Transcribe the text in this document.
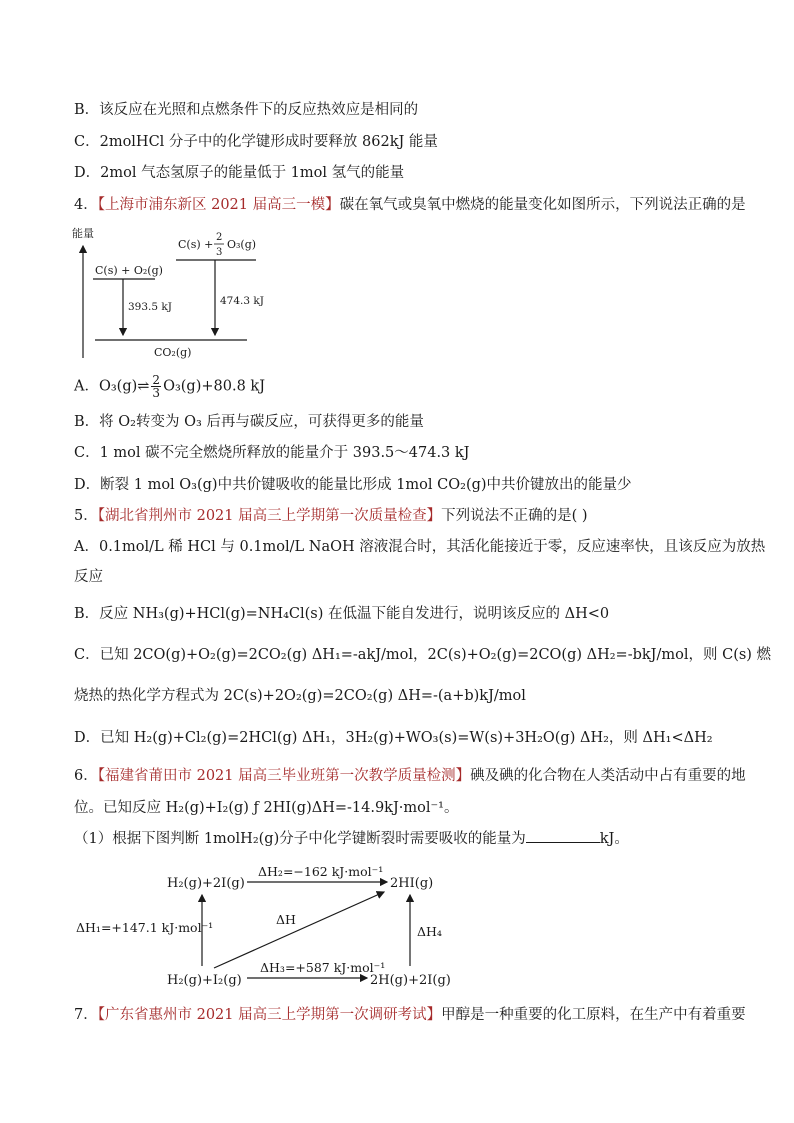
B．该反应在光照和点燃条件下的反应热效应是相同的
C．2molHCl 分子中的化学键形成时要释放 862kJ 能量
D．2mol 气态氢原子的能量低于 1mol 氢气的能量
4．【上海市浦东新区 2021 届高三一模】碳在氧气或臭氧中燃烧的能量变化如图所示，下列说法正确的是
能量
C(s) + O₂(g)
C(s) +
2
3
O₃(g)
393.5 kJ	474.3 kJ
CO₂(g)
A．O₃(g)⇌ $\frac{2}{3} O_3(g)+80.8$ kJ
B．将 O₂转变为 O₃ 后再与碳反应，可获得更多的能量
C．1 mol 碳不完全燃烧所释放的能量介于 393.5～474.3 kJ
D．断裂 1 mol O₃(g)中共价键吸收的能量比形成 1mol CO₂(g)中共价键放出的能量少
5．【湖北省荆州市 2021 届高三上学期第一次质量检查】下列说法不正确的是( )
A．0.1mol/L 稀 HCl 与 0.1mol/L NaOH 溶液混合时，其活化能接近于零，反应速率快，且该反应为放热
反应
B．反应 NH₃(g)+HCl(g)=NH₄Cl(s) 在低温下能自发进行，说明该反应的 ΔH<0
C．已知 2CO(g)+O₂(g)=2CO₂(g) ΔH₁=-akJ/mol，2C(s)+O₂(g)=2CO(g) ΔH₂=-bkJ/mol，则 C(s) 燃
烧热的热化学方程式为 2C(s)+2O₂(g)=2CO₂(g) ΔH=-(a+b)kJ/mol
D．已知 H₂(g)+Cl₂(g)=2HCl(g) ΔH₁，3H₂(g)+WO₃(s)=W(s)+3H₂O(g) ΔH₂，则 ΔH₁<ΔH₂
6．【福建省莆田市 2021 届高三毕业班第一次教学质量检测】碘及碘的化合物在人类活动中占有重要的地
位。已知反应 H₂(g)+I₂(g) ƒ 2HI(g)ΔH=-14.9kJ·mol⁻¹。
（1）根据下图判断 1molH₂(g)分子中化学键断裂时需要吸收的能量为	kJ。
H₂(g)+2I(g)	2HI(g)
H₂(g)+I₂(g)	2H(g)+2I(g)
ΔH₂=−162 kJ·mol⁻¹
ΔH₁=+147.1 kJ·mol⁻¹
ΔH
ΔH₃=+587 kJ·mol⁻¹
ΔH₄
7．【广东省惠州市 2021 届高三上学期第一次调研考试】甲醇是一种重要的化工原料，在生产中有着重要
